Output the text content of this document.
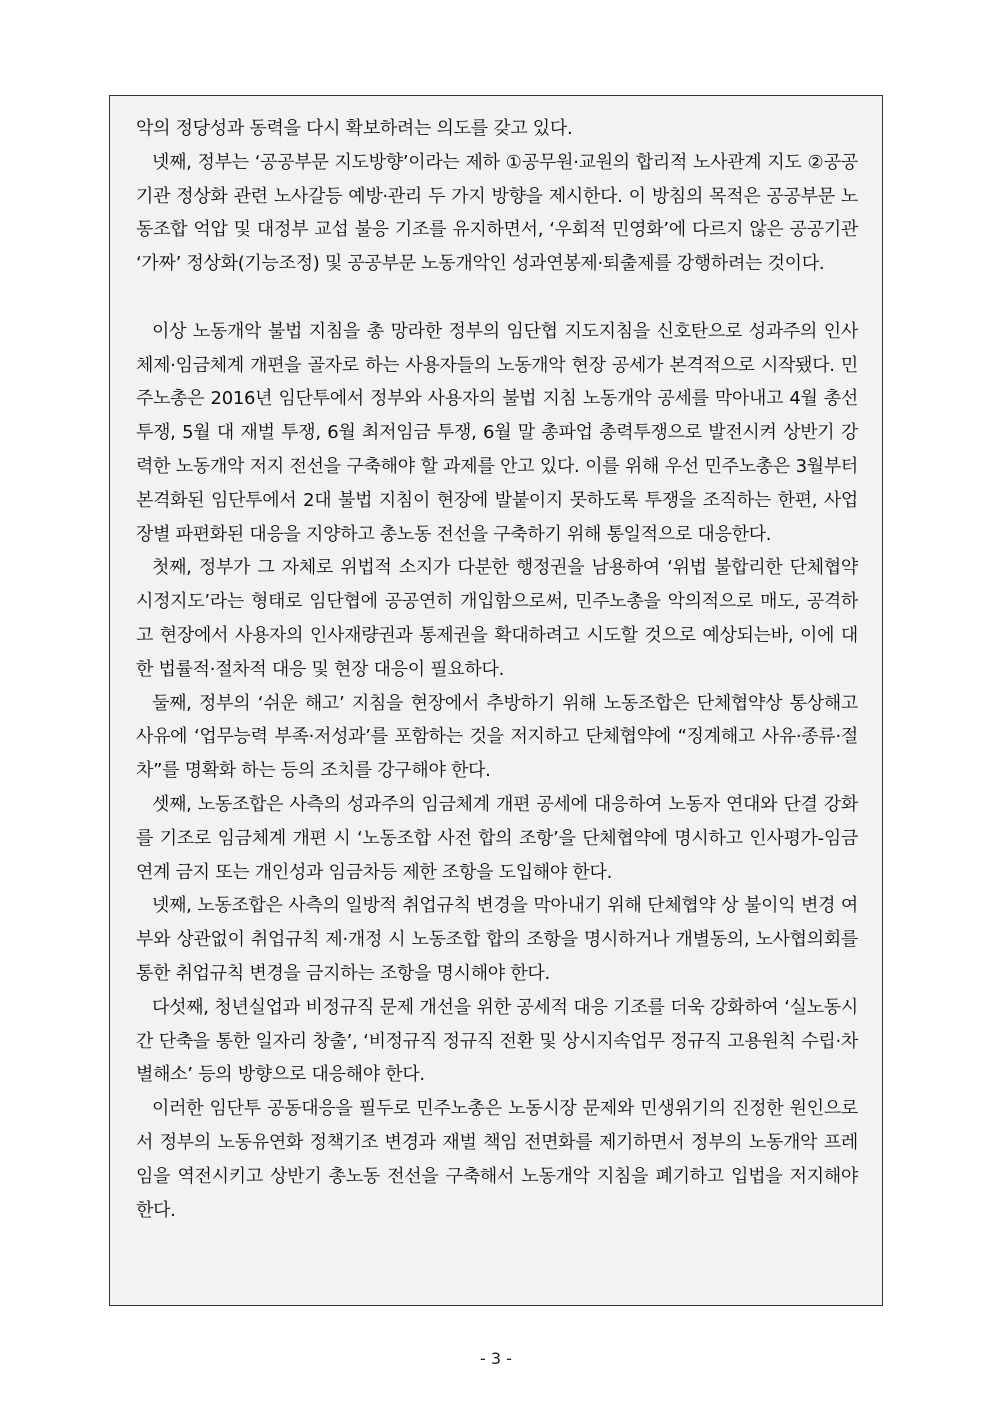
악의 정당성과 동력을 다시 확보하려는 의도를 갖고 있다.

넷째, 정부는 ‘공공부문 지도방향’이라는 제하 ①공무원·교원의 합리적 노사관계 지도 ②공공기관 정상화 관련 노사갈등 예방·관리 두 가지 방향을 제시한다. 이 방침의 목적은 공공부문 노동조합 억압 및 대정부 교섭 불응 기조를 유지하면서, ‘우회적 민영화’에 다르지 않은 공공기관 ‘가짜’ 정상화(기능조정) 및 공공부문 노동개악인 성과연봉제·퇴출제를 강행하려는 것이다.

이상 노동개악 불법 지침을 총 망라한 정부의 임단협 지도지침을 신호탄으로 성과주의 인사체제·임금체계 개편을 골자로 하는 사용자들의 노동개악 현장 공세가 본격적으로 시작됐다. 민주노총은 2016년 임단투에서 정부와 사용자의 불법 지침 노동개악 공세를 막아내고 4월 총선 투쟁, 5월 대 재벌 투쟁, 6월 최저임금 투쟁, 6월 말 총파업 총력투쟁으로 발전시켜 상반기 강력한 노동개악 저지 전선을 구축해야 할 과제를 안고 있다. 이를 위해 우선 민주노총은 3월부터 본격화된 임단투에서 2대 불법 지침이 현장에 발붙이지 못하도록 투쟁을 조직하는 한편, 사업장별 파편화된 대응을 지양하고 총노동 전선을 구축하기 위해 통일적으로 대응한다.

첫째, 정부가 그 자체로 위법적 소지가 다분한 행정권을 남용하여 ‘위법 불합리한 단체협약 시정지도’라는 형태로 임단협에 공공연히 개입함으로써, 민주노총을 악의적으로 매도, 공격하고 현장에서 사용자의 인사재량권과 통제권을 확대하려고 시도할 것으로 예상되는바, 이에 대한 법률적·절차적 대응 및 현장 대응이 필요하다.

둘째, 정부의 ‘쉬운 해고’ 지침을 현장에서 추방하기 위해 노동조합은 단체협약상 통상해고 사유에 ‘업무능력 부족·저성과’를 포함하는 것을 저지하고 단체협약에 “징계해고 사유·종류·절차”를 명확화 하는 등의 조치를 강구해야 한다.

셋째, 노동조합은 사측의 성과주의 임금체계 개편 공세에 대응하여 노동자 연대와 단결 강화를 기조로 임금체계 개편 시 ‘노동조합 사전 합의 조항’을 단체협약에 명시하고 인사평가-임금 연계 금지 또는 개인성과 임금차등 제한 조항을 도입해야 한다.

넷째, 노동조합은 사측의 일방적 취업규칙 변경을 막아내기 위해 단체협약 상 불이익 변경 여부와 상관없이 취업규칙 제·개정 시 노동조합 합의 조항을 명시하거나 개별동의, 노사협의회를 통한 취업규칙 변경을 금지하는 조항을 명시해야 한다.

다섯째, 청년실업과 비정규직 문제 개선을 위한 공세적 대응 기조를 더욱 강화하여 ‘실노동시간 단축을 통한 일자리 창출’, ‘비정규직 정규직 전환 및 상시지속업무 정규직 고용원칙 수립·차별해소’ 등의 방향으로 대응해야 한다.

이러한 임단투 공동대응을 필두로 민주노총은 노동시장 문제와 민생위기의 진정한 원인으로서 정부의 노동유연화 정책기조 변경과 재벌 책임 전면화를 제기하면서 정부의 노동개악 프레임을 역전시키고 상반기 총노동 전선을 구축해서 노동개악 지침을 폐기하고 입법을 저지해야 한다.

- 3 -
